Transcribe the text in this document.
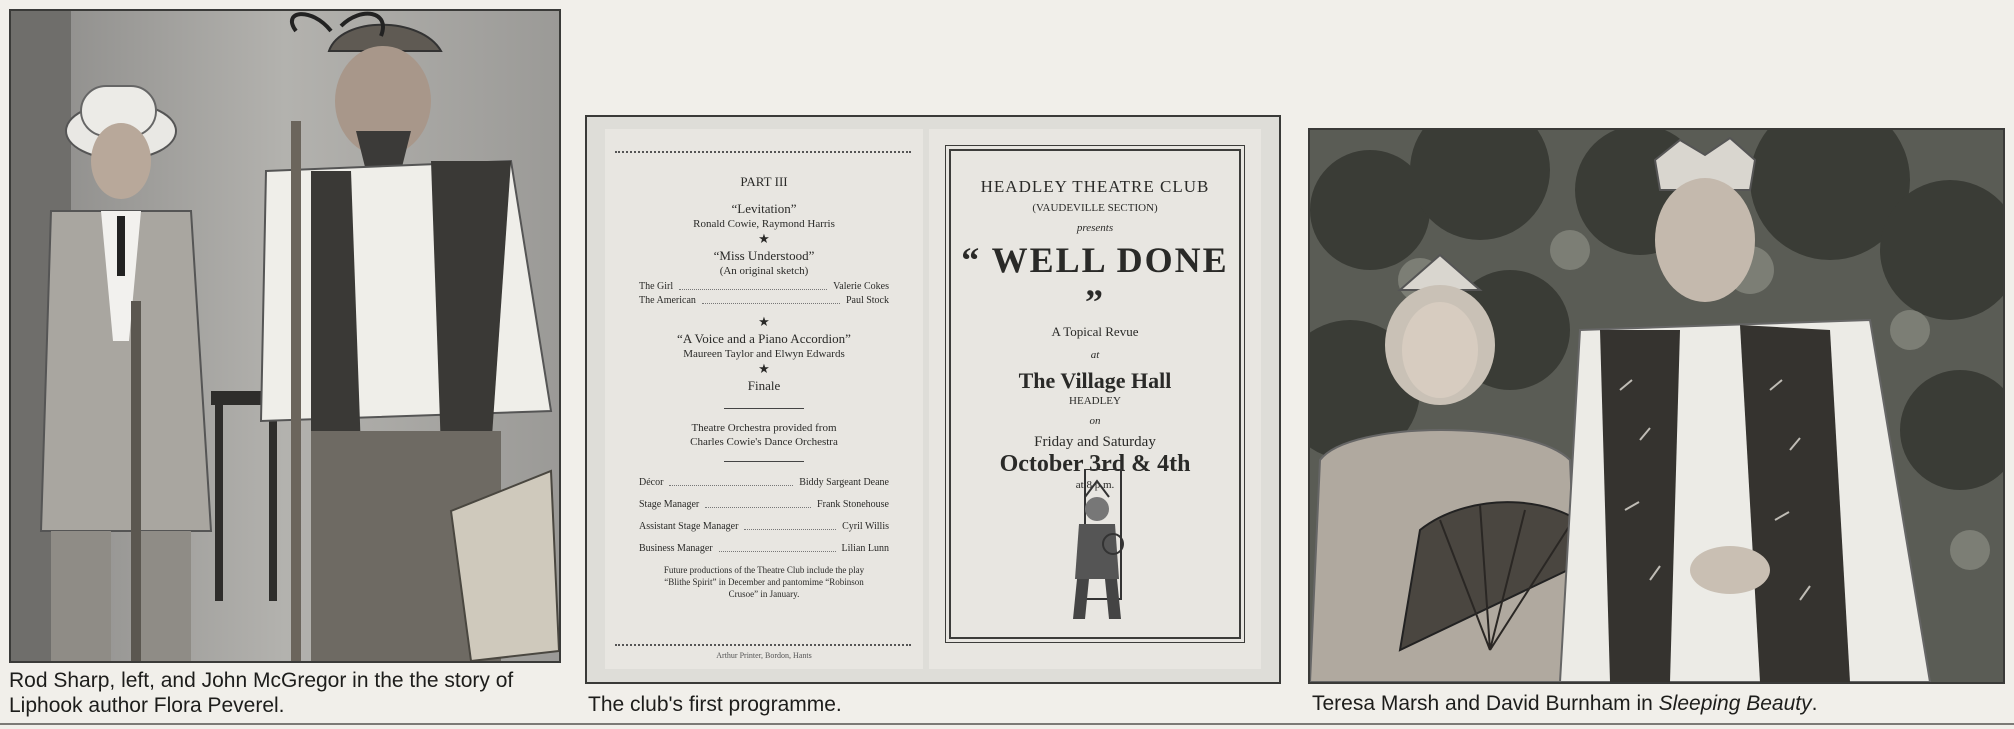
Rod Sharp, left, and John McGregor in the the story of
Liphook author Flora Peverel.
PART III
“Levitation”
Ronald Cowie, Raymond Harris
★
“Miss Understood”
(An original sketch)
The Girl	Valerie Cokes
The American	Paul Stock
★
“A Voice and a Piano Accordion”
Maureen Taylor and Elwyn Edwards
★
Finale
Theatre Orchestra provided from
Charles Cowie's Dance Orchestra
Décor	Biddy Sargeant Deane
Stage Manager	Frank Stonehouse
Assistant Stage Manager	Cyril Willis
Business Manager	Lilian Lunn
Future productions of the Theatre Club include the play
“Blithe Spirit” in December and pantomime “Robinson
Crusoe” in January.
Arthur Printer, Bordon, Hants
HEADLEY THEATRE CLUB
(VAUDEVILLE SECTION)
presents
“ WELL DONE ”
A Topical Revue
at
The Village Hall
HEADLEY
on
Friday and Saturday
October 3rd & 4th
at 8 p.m.
The club's first programme.	Teresa Marsh and David Burnham in Sleeping Beauty.
